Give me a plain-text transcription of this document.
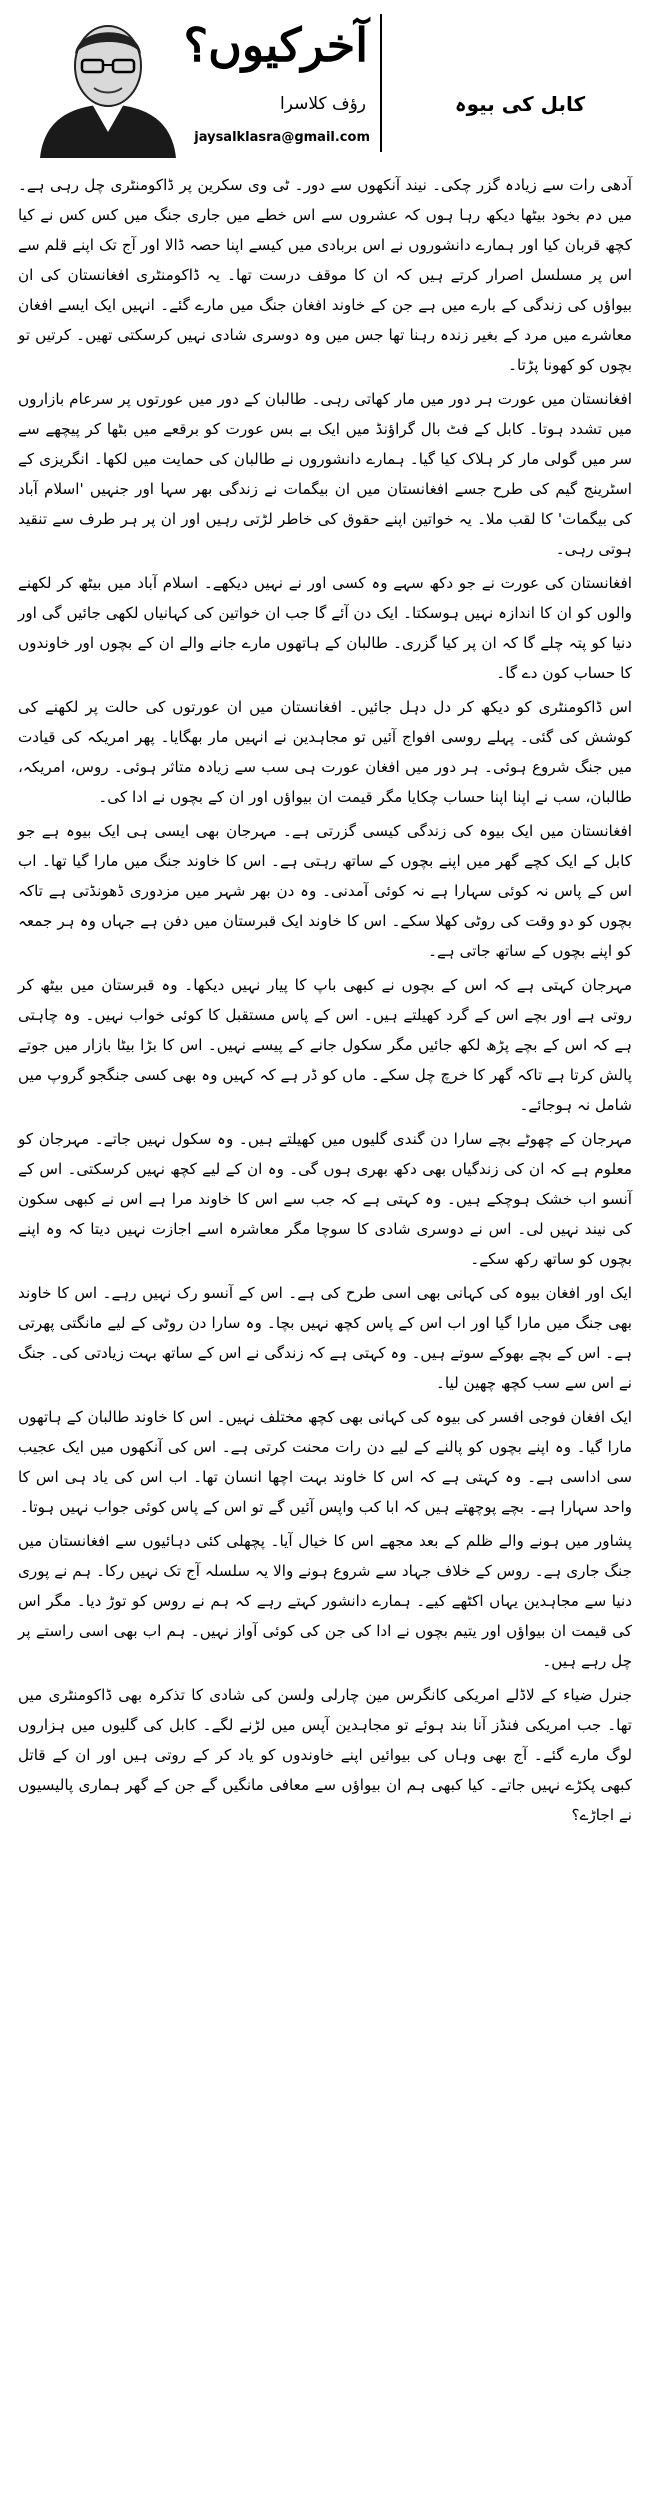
آخرکیوں؟
رؤف کلاسرا
jaysalklasra@gmail.com
کابل کی بیوہ

آدھی رات سے زیادہ گزر چکی۔ نیند آنکھوں سے دور۔ ٹی وی سکرین پر ڈاکومنٹری چل رہی ہے۔ میں دم بخود بیٹھا دیکھ رہا ہوں کہ عشروں سے اس خطے میں جاری جنگ میں کس کس نے کیا کچھ قربان کیا اور ہمارے دانشوروں نے اس بربادی میں کیسے اپنا حصہ ڈالا اور آج تک اپنے قلم سے اس پر مسلسل اصرار کرتے ہیں کہ ان کا موقف درست تھا۔ یہ ڈاکومنٹری افغانستان کی ان بیواؤں کی زندگی کے بارے میں ہے جن کے خاوند افغان جنگ میں مارے گئے۔ انہیں ایک ایسے افغان معاشرے میں مرد کے بغیر زندہ رہنا تھا جس میں وہ دوسری شادی نہیں کرسکتی تھیں۔ کرتیں تو بچوں کو کھونا پڑتا۔

افغانستان میں عورت ہر دور میں مار کھاتی رہی۔ طالبان کے دور میں عورتوں پر سرعام بازاروں میں تشدد ہوتا۔ کابل کے فٹ بال گراؤنڈ میں ایک بے بس عورت کو برقعے میں بٹھا کر پیچھے سے سر میں گولی مار کر ہلاک کیا گیا۔ ہمارے دانشوروں نے طالبان کی حمایت میں لکھا۔ انگریزی کے اسٹرینج گیم کی طرح جسے افغانستان میں ان بیگمات نے زندگی بھر سہا اور جنہیں 'اسلام آباد کی بیگمات' کا لقب ملا۔ یہ خواتین اپنے حقوق کی خاطر لڑتی رہیں اور ان پر ہر طرف سے تنقید ہوتی رہی۔

افغانستان کی عورت نے جو دکھ سہے وہ کسی اور نے نہیں دیکھے۔ اسلام آباد میں بیٹھ کر لکھنے والوں کو ان کا اندازہ نہیں ہوسکتا۔ ایک دن آئے گا جب ان خواتین کی کہانیاں لکھی جائیں گی اور دنیا کو پتہ چلے گا کہ ان پر کیا گزری۔ طالبان کے ہاتھوں مارے جانے والے ان کے بچوں اور خاوندوں کا حساب کون دے گا۔

اس ڈاکومنٹری کو دیکھ کر دل دہل جائیں۔ افغانستان میں ان عورتوں کی حالت پر لکھنے کی کوشش کی گئی۔ پہلے روسی افواج آئیں تو مجاہدین نے انہیں مار بھگایا۔ پھر امریکہ کی قیادت میں جنگ شروع ہوئی۔ ہر دور میں افغان عورت ہی سب سے زیادہ متاثر ہوئی۔ روس، امریکہ، طالبان، سب نے اپنا اپنا حساب چکایا مگر قیمت ان بیواؤں اور ان کے بچوں نے ادا کی۔

افغانستان میں ایک بیوہ کی زندگی کیسی گزرتی ہے۔ مہرجان بھی ایسی ہی ایک بیوہ ہے جو کابل کے ایک کچے گھر میں اپنے بچوں کے ساتھ رہتی ہے۔ اس کا خاوند جنگ میں مارا گیا تھا۔ اب اس کے پاس نہ کوئی سہارا ہے نہ کوئی آمدنی۔ وہ دن بھر شہر میں مزدوری ڈھونڈتی ہے تاکہ بچوں کو دو وقت کی روٹی کھلا سکے۔ اس کا خاوند ایک قبرستان میں دفن ہے جہاں وہ ہر جمعہ کو اپنے بچوں کے ساتھ جاتی ہے۔

مہرجان کہتی ہے کہ اس کے بچوں نے کبھی باپ کا پیار نہیں دیکھا۔ وہ قبرستان میں بیٹھ کر روتی ہے اور بچے اس کے گرد کھیلتے ہیں۔ اس کے پاس مستقبل کا کوئی خواب نہیں۔ وہ چاہتی ہے کہ اس کے بچے پڑھ لکھ جائیں مگر سکول جانے کے پیسے نہیں۔ اس کا بڑا بیٹا بازار میں جوتے پالش کرتا ہے تاکہ گھر کا خرچ چل سکے۔ ماں کو ڈر ہے کہ کہیں وہ بھی کسی جنگجو گروپ میں شامل نہ ہوجائے۔

مہرجان کے چھوٹے بچے سارا دن گندی گلیوں میں کھیلتے ہیں۔ وہ سکول نہیں جاتے۔ مہرجان کو معلوم ہے کہ ان کی زندگیاں بھی دکھ بھری ہوں گی۔ وہ ان کے لیے کچھ نہیں کرسکتی۔ اس کے آنسو اب خشک ہوچکے ہیں۔ وہ کہتی ہے کہ جب سے اس کا خاوند مرا ہے اس نے کبھی سکون کی نیند نہیں لی۔ اس نے دوسری شادی کا سوچا مگر معاشرہ اسے اجازت نہیں دیتا کہ وہ اپنے بچوں کو ساتھ رکھ سکے۔

ایک اور افغان بیوہ کی کہانی بھی اسی طرح کی ہے۔ اس کے آنسو رک نہیں رہے۔ اس کا خاوند بھی جنگ میں مارا گیا اور اب اس کے پاس کچھ نہیں بچا۔ وہ سارا دن روٹی کے لیے مانگتی پھرتی ہے۔ اس کے بچے بھوکے سوتے ہیں۔ وہ کہتی ہے کہ زندگی نے اس کے ساتھ بہت زیادتی کی۔ جنگ نے اس سے سب کچھ چھین لیا۔

ایک افغان فوجی افسر کی بیوہ کی کہانی بھی کچھ مختلف نہیں۔ اس کا خاوند طالبان کے ہاتھوں مارا گیا۔ وہ اپنے بچوں کو پالنے کے لیے دن رات محنت کرتی ہے۔ اس کی آنکھوں میں ایک عجیب سی اداسی ہے۔ وہ کہتی ہے کہ اس کا خاوند بہت اچھا انسان تھا۔ اب اس کی یاد ہی اس کا واحد سہارا ہے۔ بچے پوچھتے ہیں کہ ابا کب واپس آئیں گے تو اس کے پاس کوئی جواب نہیں ہوتا۔

پشاور میں ہونے والے ظلم کے بعد مجھے اس کا خیال آیا۔ پچھلی کئی دہائیوں سے افغانستان میں جنگ جاری ہے۔ روس کے خلاف جہاد سے شروع ہونے والا یہ سلسلہ آج تک نہیں رکا۔ ہم نے پوری دنیا سے مجاہدین یہاں اکٹھے کیے۔ ہمارے دانشور کہتے رہے کہ ہم نے روس کو توڑ دیا۔ مگر اس کی قیمت ان بیواؤں اور یتیم بچوں نے ادا کی جن کی کوئی آواز نہیں۔ ہم اب بھی اسی راستے پر چل رہے ہیں۔

جنرل ضیاء کے لاڈلے امریکی کانگرس مین چارلی ولسن کی شادی کا تذکرہ بھی ڈاکومنٹری میں تھا۔ جب امریکی فنڈز آنا بند ہوئے تو مجاہدین آپس میں لڑنے لگے۔ کابل کی گلیوں میں ہزاروں لوگ مارے گئے۔ آج بھی وہاں کی بیوائیں اپنے خاوندوں کو یاد کر کے روتی ہیں اور ان کے قاتل کبھی پکڑے نہیں جاتے۔ کیا کبھی ہم ان بیواؤں سے معافی مانگیں گے جن کے گھر ہماری پالیسیوں نے اجاڑے؟
